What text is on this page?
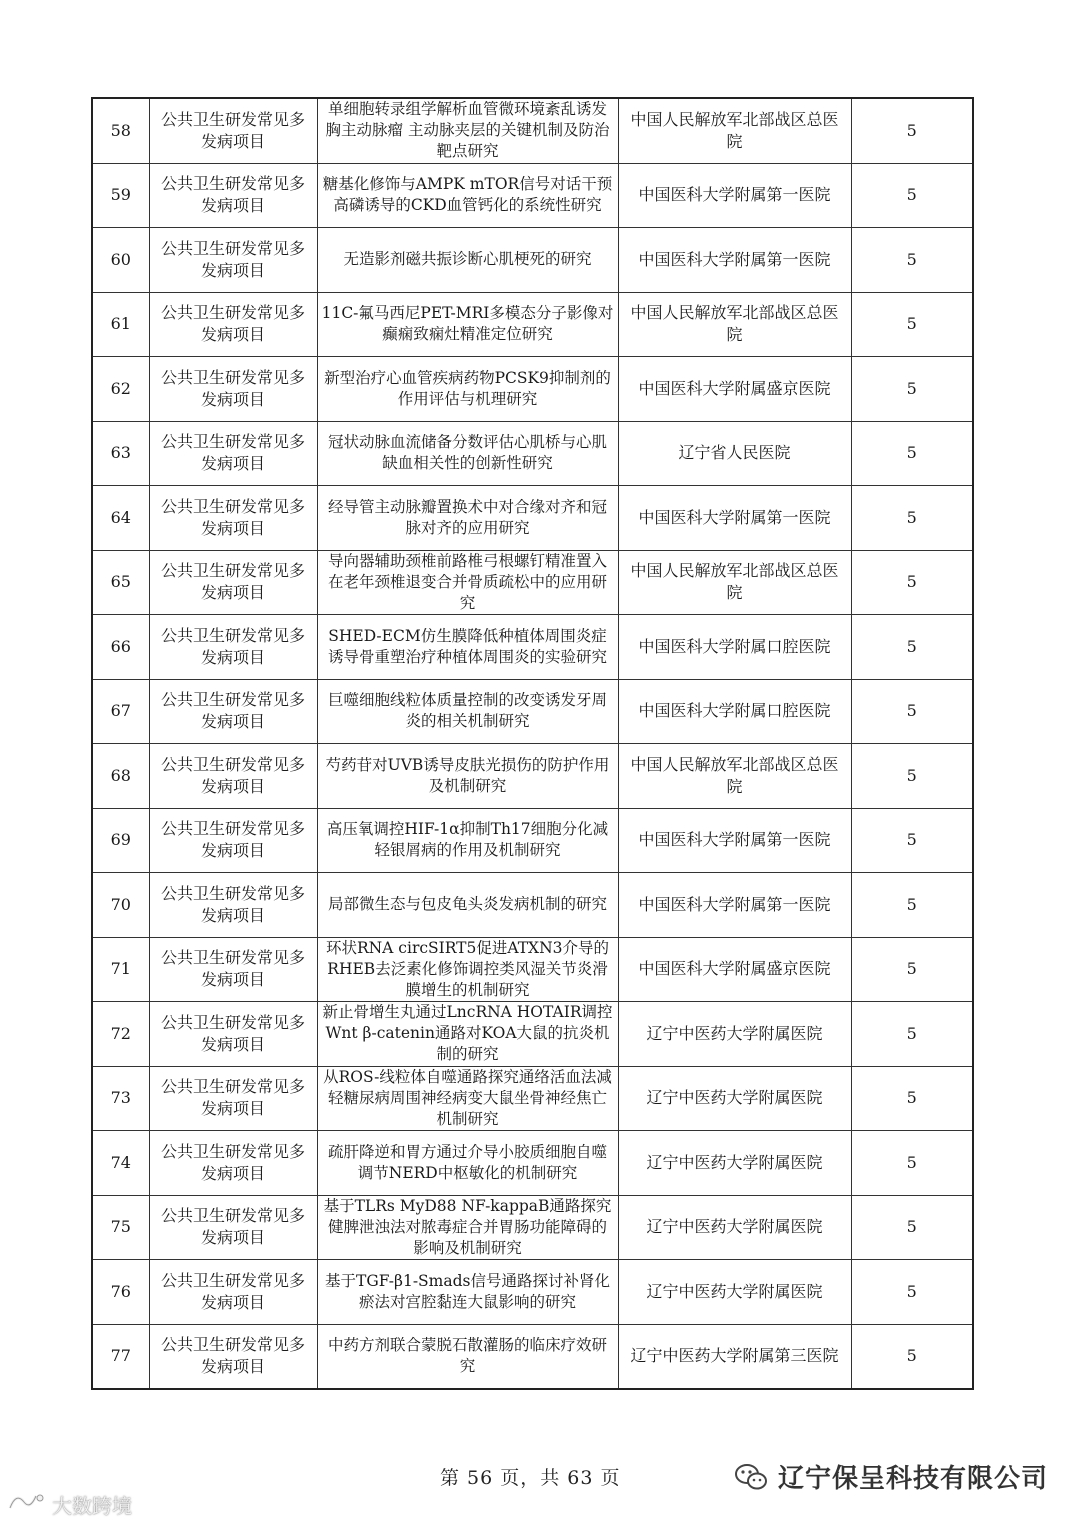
58	公共卫生研发常见多发病项目	单细胞转录组学解析血管微环境紊乱诱发胸主动脉瘤 主动脉夹层的关键机制及防治靶点研究	中国人民解放军北部战区总医院	5
59	公共卫生研发常见多发病项目	糖基化修饰与AMPK mTOR信号对话干预高磷诱导的CKD血管钙化的系统性研究	中国医科大学附属第一医院	5
60	公共卫生研发常见多发病项目	无造影剂磁共振诊断心肌梗死的研究	中国医科大学附属第一医院	5
61	公共卫生研发常见多发病项目	11C-氟马西尼PET-MRI多模态分子影像对癫痫致痫灶精准定位研究	中国人民解放军北部战区总医院	5
62	公共卫生研发常见多发病项目	新型治疗心血管疾病药物PCSK9抑制剂的作用评估与机理研究	中国医科大学附属盛京医院	5
63	公共卫生研发常见多发病项目	冠状动脉血流储备分数评估心肌桥与心肌缺血相关性的创新性研究	辽宁省人民医院	5
64	公共卫生研发常见多发病项目	经导管主动脉瓣置换术中对合缘对齐和冠脉对齐的应用研究	中国医科大学附属第一医院	5
65	公共卫生研发常见多发病项目	导向器辅助颈椎前路椎弓根螺钉精准置入在老年颈椎退变合并骨质疏松中的应用研究	中国人民解放军北部战区总医院	5
66	公共卫生研发常见多发病项目	SHED-ECM仿生膜降低种植体周围炎症诱导骨重塑治疗种植体周围炎的实验研究	中国医科大学附属口腔医院	5
67	公共卫生研发常见多发病项目	巨噬细胞线粒体质量控制的改变诱发牙周炎的相关机制研究	中国医科大学附属口腔医院	5
68	公共卫生研发常见多发病项目	芍药苷对UVB诱导皮肤光损伤的防护作用及机制研究	中国人民解放军北部战区总医院	5
69	公共卫生研发常见多发病项目	高压氧调控HIF-1α抑制Th17细胞分化减轻银屑病的作用及机制研究	中国医科大学附属第一医院	5
70	公共卫生研发常见多发病项目	局部微生态与包皮龟头炎发病机制的研究	中国医科大学附属第一医院	5
71	公共卫生研发常见多发病项目	环状RNA circSIRT5促进ATXN3介导的RHEB去泛素化修饰调控类风湿关节炎滑膜增生的机制研究	中国医科大学附属盛京医院	5
72	公共卫生研发常见多发病项目	新止骨增生丸通过LncRNA HOTAIR调控Wnt β-catenin通路对KOA大鼠的抗炎机制的研究	辽宁中医药大学附属医院	5
73	公共卫生研发常见多发病项目	从ROS-线粒体自噬通路探究通络活血法减轻糖尿病周围神经病变大鼠坐骨神经焦亡机制研究	辽宁中医药大学附属医院	5
74	公共卫生研发常见多发病项目	疏肝降逆和胃方通过介导小胶质细胞自噬调节NERD中枢敏化的机制研究	辽宁中医药大学附属医院	5
75	公共卫生研发常见多发病项目	基于TLRs MyD88 NF-kappaB通路探究健脾泄浊法对脓毒症合并胃肠功能障碍的影响及机制研究	辽宁中医药大学附属医院	5
76	公共卫生研发常见多发病项目	基于TGF-β1-Smads信号通路探讨补肾化瘀法对宫腔黏连大鼠影响的研究	辽宁中医药大学附属医院	5
77	公共卫生研发常见多发病项目	中药方剂联合蒙脱石散灌肠的临床疗效研究	辽宁中医药大学附属第三医院	5
第 56 页，共 63 页	辽宁保呈科技有限公司
大数跨境
